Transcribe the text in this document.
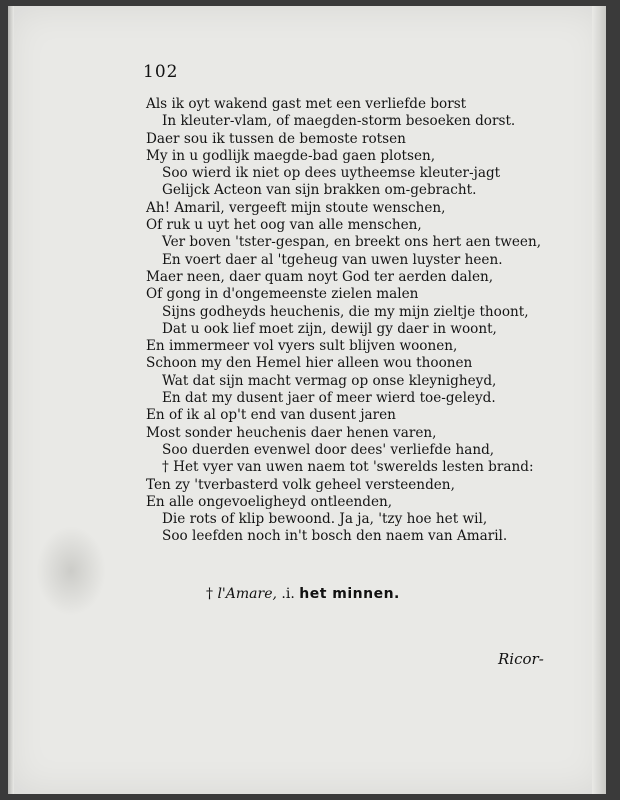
102
Als ik oyt wakend gast met een verliefde borst
In kleuter-vlam, of maegden-storm besoeken dorst.
Daer sou ik tussen de bemoste rotsen
My in u godlijk maegde-bad gaen plotsen,
Soo wierd ik niet op dees uytheemse kleuter-jagt
Gelijck Acteon van sijn brakken om-gebracht.
Ah! Amaril, vergeeft mijn stoute wenschen,
Of ruk u uyt het oog van alle menschen,
Ver boven 'tster-gespan, en breekt ons hert aen tween,
En voert daer al 'tgeheug van uwen luyster heen.
Maer neen, daer quam noyt God ter aerden dalen,
Of gong in d'ongemeenste zielen malen
Sijns godheyds heuchenis, die my mijn zieltje thoont,
Dat u ook lief moet zijn, dewijl gy daer in woont,
En immermeer vol vyers sult blijven woonen,
Schoon my den Hemel hier alleen wou thoonen
Wat dat sijn macht vermag op onse kleynigheyd,
En dat my dusent jaer of meer wierd toe-geleyd.
En of ik al op't end van dusent jaren
Most sonder heuchenis daer henen varen,
Soo duerden evenwel door dees' verliefde hand,
† Het vyer van uwen naem tot 'swerelds lesten brand:
Ten zy 'tverbasterd volk geheel versteenden,
En alle ongevoeligheyd ontleenden,
Die rots of klip bewoond. Ja ja, 'tzy hoe het wil,
Soo leefden noch in't bosch den naem van Amaril.
† l'Amare, .i. het minnen.
Ricor-
